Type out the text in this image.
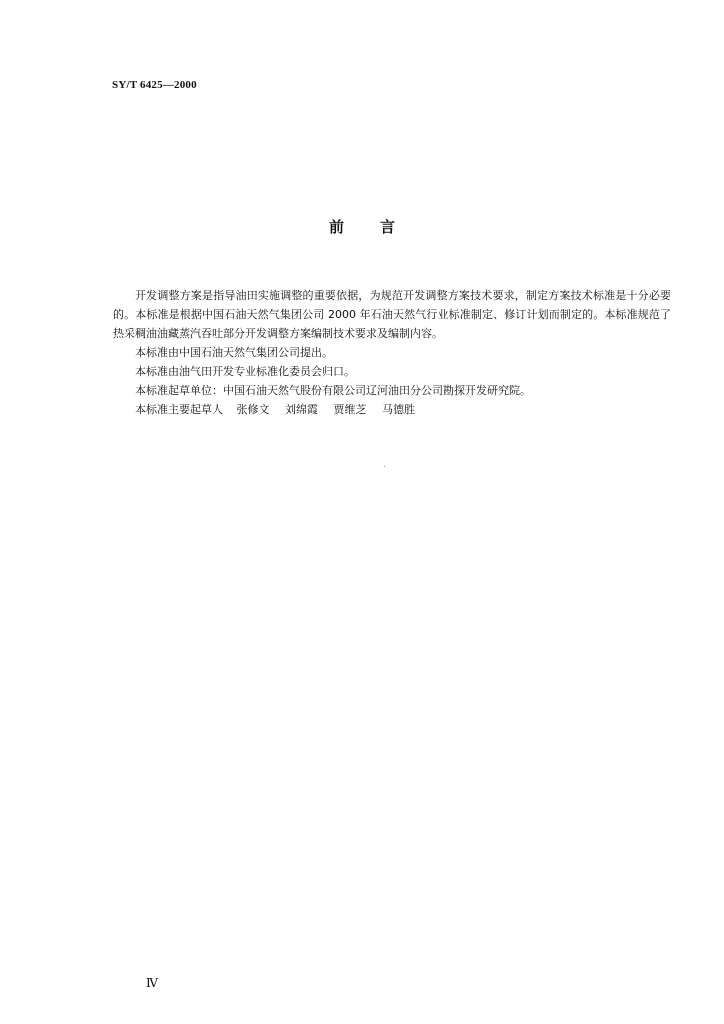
SY/T 6425—2000
前 言

开发调整方案是指导油田实施调整的重要依据，为规范开发调整方案技术要求，制定方案技术标准是十分必要的。本标准是根据中国石油天然气集团公司 2000 年石油天然气行业标准制定、修订计划而制定的。本标准规范了热采稠油油藏蒸汽吞吐部分开发调整方案编制技术要求及编制内容。

本标准由中国石油天然气集团公司提出。

本标准由油气田开发专业标准化委员会归口。

本标准起草单位：中国石油天然气股份有限公司辽河油田分公司勘探开发研究院。

本标准主要起草人 张修文 刘绵霞 贾维芝 马德胜

Ⅳ
